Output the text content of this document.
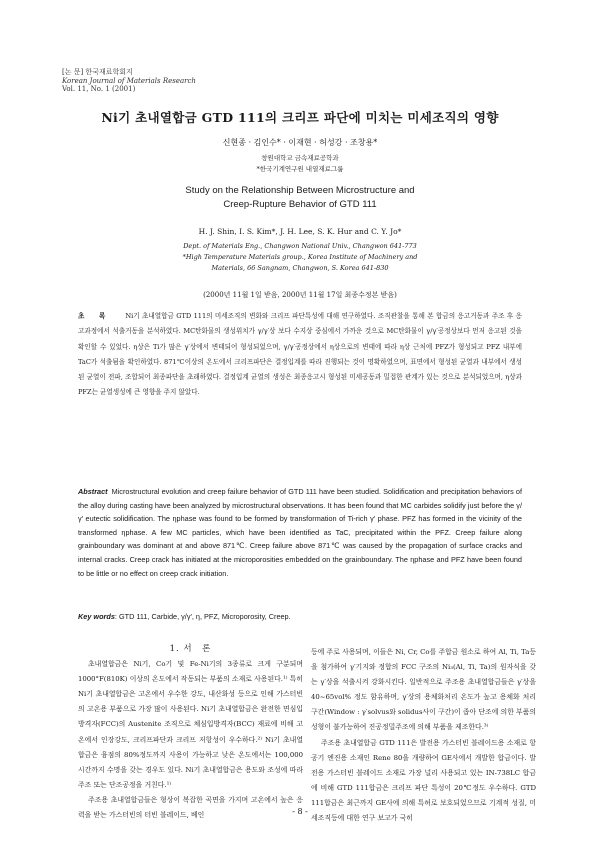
[논 문] 한국재료학회지
Korean Journal of Materials Research
Vol. 11, No. 1 (2001)
Ni기 초내열합금 GTD 111의 크리프 파단에 미치는 미세조직의 영향
신현종 · 김인수* · 이재현 · 허성강 · 조창용*
창원대학교 금속재료공학과
*한국기계연구원 내열재료그룹
Study on the Relationship Between Microstructure and
Creep-Rupture Behavior of GTD 111
H. J. Shin, I. S. Kim*, J. H. Lee, S. K. Hur and C. Y. Jo*
Dept. of Materials Eng., Changwon National Univ., Changwon 641-773
*High Temperature Materials group., Korea Institute of Machinery and
Materials, 66 Sangnam, Changwon, S. Korea 641-830
(2000년 11월 1일 받음, 2000년 11월 17일 최종수정본 받음)
초 록 Ni기 초내열합금 GTD 111의 미세조직의 변화와 크리프 파단특성에 대해 연구하였다. 조직관찰을 통해 본 합금의 응고거동과 주조 후 응고과정에서 석출거동을 분석하였다. MC탄화물의 생성위치가 γ/γ′상 보다 수지상 중심에서 가까운 것으로 MC탄화물이 γ/γ′공정상보다 먼저 응고된 것을 확인할 수 있었다. η상은 Ti가 많은 γ′상에서 변태되어 형성되었으며, γ/γ′공정상에서 η상으로의 변태에 따라 η상 근처에 PFZ가 형성되고 PFZ 내부에 TaC가 석출됨을 확인하였다. 871℃이상의 온도에서 크리프파단은 결정입계를 따라 진행되는 것이 명확하였으며, 표면에서 형성된 균열과 내부에서 생성된 균열이 전파, 조합되어 최종파단을 초래하였다. 결정입계 균열의 생성은 최종응고시 형성된 미세공동과 밀접한 관계가 있는 것으로 분석되었으며, η상과 PFZ는 균열생성에 큰 영향을 주지 않았다.
Abstract Microstructural evolution and creep failure behavior of GTD 111 have been studied. Solidification and precipitation behaviors of the alloy during casting have been analyzed by microstructural observations. It has been found that MC carbides solidify just before the γ/γ′ eutectic solidification. The ηphase was found to be formed by transformation of Ti-rich γ′ phase. PFZ has formed in the vicinity of the transformed ηphase. A few MC particles, which have been identified as TaC, precipitated within the PFZ. Creep failure along grainboundary was dominant at and above 871℃. Creep failure above 871℃ was caused by the propagation of surface cracks and internal cracks. Creep crack has initiated at the microporosities embedded on the grainboundary. The ηphase and PFZ have been found to be little or no effect on creep crack initiation.
Key words: GTD 111, Carbide, γ/γ′, η, PFZ, Microporosity, Creep.

1. 서　론

초내열합금은 Ni기, Co기 및 Fe-Ni기의 3종류로 크게 구분되며 1000°F(810K) 이상의 온도에서 작동되는 부품의 소재로 사용된다.¹⁾ 특히 Ni기 초내열합금은 고온에서 우수한 강도, 내산화성 등으로 인해 가스터빈의 고온용 부품으로 가장 많이 사용된다. Ni기 초내열합금은 완전한 면심입방격자(FCC)의 Austenite 조직으로 체심입방격자(BCC) 재료에 비해 고온에서 인장강도, 크리프파단과 크리프 저항성이 우수하다.²⁾ Ni기 초내열합금은 융점의 80%정도까지 사용이 가능하고 낮은 온도에서는 100,000시간까지 수명을 갖는 경우도 있다. Ni기 초내열합금은 용도와 조성에 따라 주조 또는 단조공정을 거친다.¹⁾

주조용 초내열합금들은 형상이 복잡한 곡면을 가지며 고온에서 높은 응력을 받는 가스터빈의 터빈 블레이드, 베인

등에 주로 사용되며, 이들은 Ni, Cr, Co를 주합금 원소로 하여 Al, Ti, Ta등을 첨가하여 γ′기지와 정합의 FCC 구조의 Ni₃(Al, Ti, Ta)의 원자식을 갖는 γ′상을 석출시켜 강화시킨다. 일반적으로 주조용 초내열합금들은 γ′상을 40~65vol% 정도 함유하며, γ′상의 용체화처리 온도가 높고 용체화 처리 구간(Window : γ′solvus와 solidus사이 구간)이 좁아 단조에 의한 부품의 성형이 불가능하여 진공정밀주조에 의해 부품을 제조한다.³⁾

주조용 초내열합금 GTD 111은 발전용 가스터빈 블레이드용 소재로 항공기 엔진용 소재인 Rene 80을 개량하여 GE사에서 개발한 합금이다. 발전용 가스터빈 블레이드 소재로 가장 널리 사용되고 있는 IN-738LC 합금에 비해 GTD 111합금은 크리프 파단 특성이 20℃정도 우수하다. GTD 111합금은 최근까지 GE사에 의해 특허로 보호되었으므로 기계적 성질, 미세조직등에 대한 연구 보고가 국히

- 8 -
